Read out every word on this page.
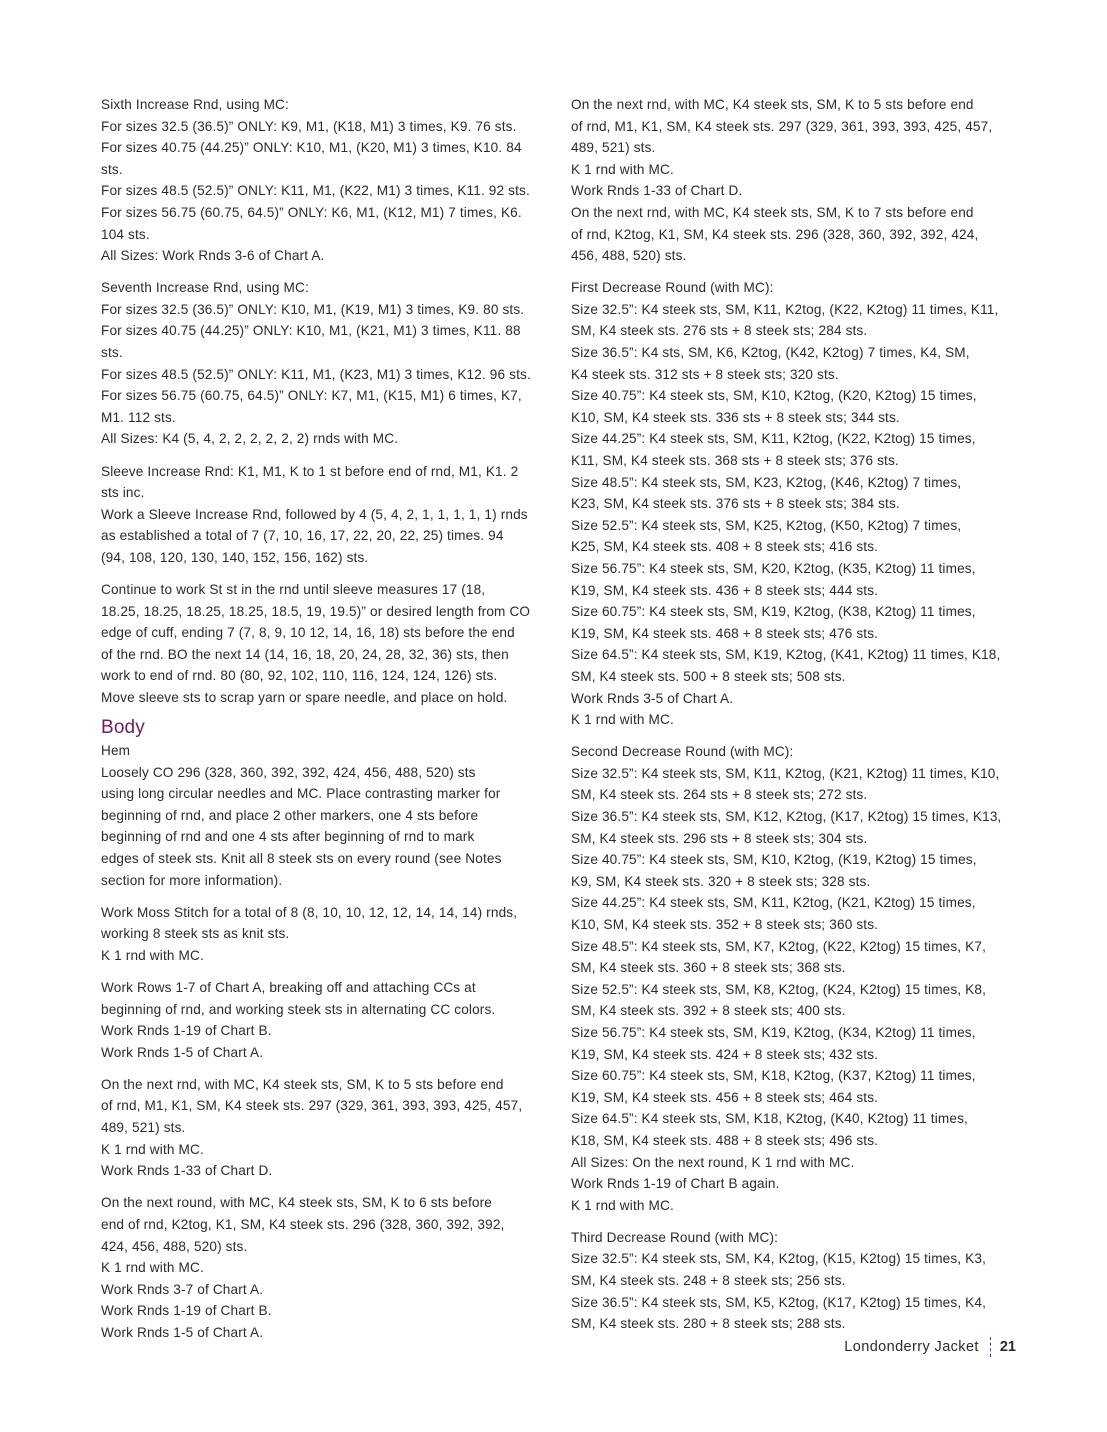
Sixth Increase Rnd, using MC:
For sizes 32.5 (36.5)” ONLY: K9, M1, (K18, M1) 3 times, K9. 76 sts.
For sizes 40.75 (44.25)” ONLY: K10, M1, (K20, M1) 3 times, K10. 84
sts.
For sizes 48.5 (52.5)” ONLY: K11, M1, (K22, M1) 3 times, K11. 92 sts.
For sizes 56.75 (60.75, 64.5)” ONLY: K6, M1, (K12, M1) 7 times, K6.
104 sts.
All Sizes: Work Rnds 3-6 of Chart A.
Seventh Increase Rnd, using MC:
For sizes 32.5 (36.5)” ONLY: K10, M1, (K19, M1) 3 times, K9. 80 sts.
For sizes 40.75 (44.25)” ONLY: K10, M1, (K21, M1) 3 times, K11. 88
sts.
For sizes 48.5 (52.5)” ONLY: K11, M1, (K23, M1) 3 times, K12. 96 sts.
For sizes 56.75 (60.75, 64.5)” ONLY: K7, M1, (K15, M1) 6 times, K7,
M1. 112 sts.
All Sizes: K4 (5, 4, 2, 2, 2, 2, 2, 2) rnds with MC.
Sleeve Increase Rnd: K1, M1, K to 1 st before end of rnd, M1, K1. 2
sts inc.
Work a Sleeve Increase Rnd, followed by 4 (5, 4, 2, 1, 1, 1, 1, 1) rnds
as established a total of 7 (7, 10, 16, 17, 22, 20, 22, 25) times. 94
(94, 108, 120, 130, 140, 152, 156, 162) sts.
Continue to work St st in the rnd until sleeve measures 17 (18,
18.25, 18.25, 18.25, 18.25, 18.5, 19, 19.5)” or desired length from CO
edge of cuff, ending 7 (7, 8, 9, 10 12, 14, 16, 18) sts before the end
of the rnd. BO the next 14 (14, 16, 18, 20, 24, 28, 32, 36) sts, then
work to end of rnd. 80 (80, 92, 102, 110, 116, 124, 124, 126) sts.
Move sleeve sts to scrap yarn or spare needle, and place on hold.
Body
Hem
Loosely CO 296 (328, 360, 392, 392, 424, 456, 488, 520) sts
using long circular needles and MC. Place contrasting marker for
beginning of rnd, and place 2 other markers, one 4 sts before
beginning of rnd and one 4 sts after beginning of rnd to mark
edges of steek sts. Knit all 8 steek sts on every round (see Notes
section for more information).
Work Moss Stitch for a total of 8 (8, 10, 10, 12, 12, 14, 14, 14) rnds,
working 8 steek sts as knit sts.
K 1 rnd with MC.
Work Rows 1-7 of Chart A, breaking off and attaching CCs at
beginning of rnd, and working steek sts in alternating CC colors.
Work Rnds 1-19 of Chart B.
Work Rnds 1-5 of Chart A.
On the next rnd, with MC, K4 steek sts, SM, K to 5 sts before end
of rnd, M1, K1, SM, K4 steek sts. 297 (329, 361, 393, 393, 425, 457,
489, 521) sts.
K 1 rnd with MC.
Work Rnds 1-33 of Chart D.
On the next round, with MC, K4 steek sts, SM, K to 6 sts before
end of rnd, K2tog, K1, SM, K4 steek sts. 296 (328, 360, 392, 392,
424, 456, 488, 520) sts.
K 1 rnd with MC.
Work Rnds 3-7 of Chart A.
Work Rnds 1-19 of Chart B.
Work Rnds 1-5 of Chart A.
On the next rnd, with MC, K4 steek sts, SM, K to 5 sts before end
of rnd, M1, K1, SM, K4 steek sts. 297 (329, 361, 393, 393, 425, 457,
489, 521) sts.
K 1 rnd with MC.
Work Rnds 1-33 of Chart D.
On the next rnd, with MC, K4 steek sts, SM, K to 7 sts before end
of rnd, K2tog, K1, SM, K4 steek sts. 296 (328, 360, 392, 392, 424,
456, 488, 520) sts.
First Decrease Round (with MC):
Size 32.5”: K4 steek sts, SM, K11, K2tog, (K22, K2tog) 11 times, K11,
SM, K4 steek sts. 276 sts + 8 steek sts; 284 sts.
Size 36.5”: K4 sts, SM, K6, K2tog, (K42, K2tog) 7 times, K4, SM,
K4 steek sts. 312 sts + 8 steek sts; 320 sts.
Size 40.75”: K4 steek sts, SM, K10, K2tog, (K20, K2tog) 15 times,
K10, SM, K4 steek sts. 336 sts + 8 steek sts; 344 sts.
Size 44.25”: K4 steek sts, SM, K11, K2tog, (K22, K2tog) 15 times,
K11, SM, K4 steek sts. 368 sts + 8 steek sts; 376 sts.
Size 48.5”: K4 steek sts, SM, K23, K2tog, (K46, K2tog) 7 times,
K23, SM, K4 steek sts. 376 sts + 8 steek sts; 384 sts.
Size 52.5”: K4 steek sts, SM, K25, K2tog, (K50, K2tog) 7 times,
K25, SM, K4 steek sts. 408 + 8 steek sts; 416 sts.
Size 56.75”: K4 steek sts, SM, K20, K2tog, (K35, K2tog) 11 times,
K19, SM, K4 steek sts. 436 + 8 steek sts; 444 sts.
Size 60.75”: K4 steek sts, SM, K19, K2tog, (K38, K2tog) 11 times,
K19, SM, K4 steek sts. 468 + 8 steek sts; 476 sts.
Size 64.5”: K4 steek sts, SM, K19, K2tog, (K41, K2tog) 11 times, K18,
SM, K4 steek sts. 500 + 8 steek sts; 508 sts.
Work Rnds 3-5 of Chart A.
K 1 rnd with MC.
Second Decrease Round (with MC):
Size 32.5”: K4 steek sts, SM, K11, K2tog, (K21, K2tog) 11 times, K10,
SM, K4 steek sts. 264 sts + 8 steek sts; 272 sts.
Size 36.5”: K4 steek sts, SM, K12, K2tog, (K17, K2tog) 15 times, K13,
SM, K4 steek sts. 296 sts + 8 steek sts; 304 sts.
Size 40.75”: K4 steek sts, SM, K10, K2tog, (K19, K2tog) 15 times,
K9, SM, K4 steek sts. 320 + 8 steek sts; 328 sts.
Size 44.25”: K4 steek sts, SM, K11, K2tog, (K21, K2tog) 15 times,
K10, SM, K4 steek sts. 352 + 8 steek sts; 360 sts.
Size 48.5”: K4 steek sts, SM, K7, K2tog, (K22, K2tog) 15 times, K7,
SM, K4 steek sts. 360 + 8 steek sts; 368 sts.
Size 52.5”: K4 steek sts, SM, K8, K2tog, (K24, K2tog) 15 times, K8,
SM, K4 steek sts. 392 + 8 steek sts; 400 sts.
Size 56.75”: K4 steek sts, SM, K19, K2tog, (K34, K2tog) 11 times,
K19, SM, K4 steek sts. 424 + 8 steek sts; 432 sts.
Size 60.75”: K4 steek sts, SM, K18, K2tog, (K37, K2tog) 11 times,
K19, SM, K4 steek sts. 456 + 8 steek sts; 464 sts.
Size 64.5”: K4 steek sts, SM, K18, K2tog, (K40, K2tog) 11 times,
K18, SM, K4 steek sts. 488 + 8 steek sts; 496 sts.
All Sizes: On the next round, K 1 rnd with MC.
Work Rnds 1-19 of Chart B again.
K 1 rnd with MC.
Third Decrease Round (with MC):
Size 32.5”: K4 steek sts, SM, K4, K2tog, (K15, K2tog) 15 times, K3,
SM, K4 steek sts. 248 + 8 steek sts; 256 sts.
Size 36.5”: K4 steek sts, SM, K5, K2tog, (K17, K2tog) 15 times, K4,
SM, K4 steek sts. 280 + 8 steek sts; 288 sts.
Londonderry Jacket 21
